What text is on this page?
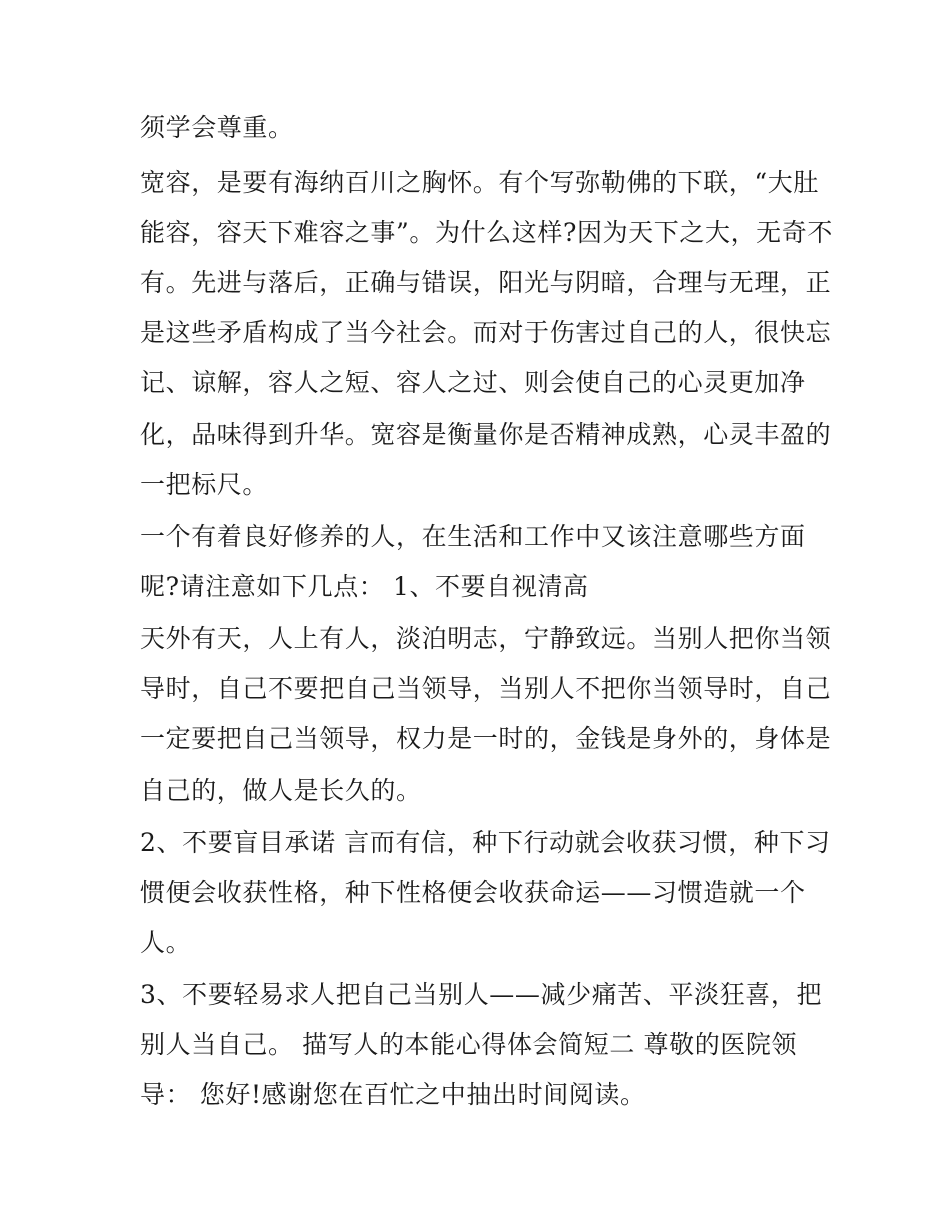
须学会尊重。
宽容，是要有海纳百川之胸怀。有个写弥勒佛的下联，“大肚
能容，容天下难容之事”。为什么这样?因为天下之大，无奇不
有。先进与落后，正确与错误，阳光与阴暗，合理与无理，正
是这些矛盾构成了当今社会。而对于伤害过自己的人，很快忘
记、谅解，容人之短、容人之过、则会使自己的心灵更加净
化，品味得到升华。宽容是衡量你是否精神成熟，心灵丰盈的
一把标尺。
一个有着良好修养的人，在生活和工作中又该注意哪些方面
呢?请注意如下几点： 1、不要自视清高
天外有天，人上有人，淡泊明志，宁静致远。当别人把你当领
导时，自己不要把自己当领导，当别人不把你当领导时，自己
一定要把自己当领导，权力是一时的，金钱是身外的，身体是
自己的，做人是长久的。
2、不要盲目承诺 言而有信，种下行动就会收获习惯，种下习
惯便会收获性格，种下性格便会收获命运——习惯造就一个
人。
3、不要轻易求人把自己当别人——减少痛苦、平淡狂喜，把
别人当自己。 描写人的本能心得体会简短二 尊敬的医院领
导： 您好!感谢您在百忙之中抽出时间阅读。
